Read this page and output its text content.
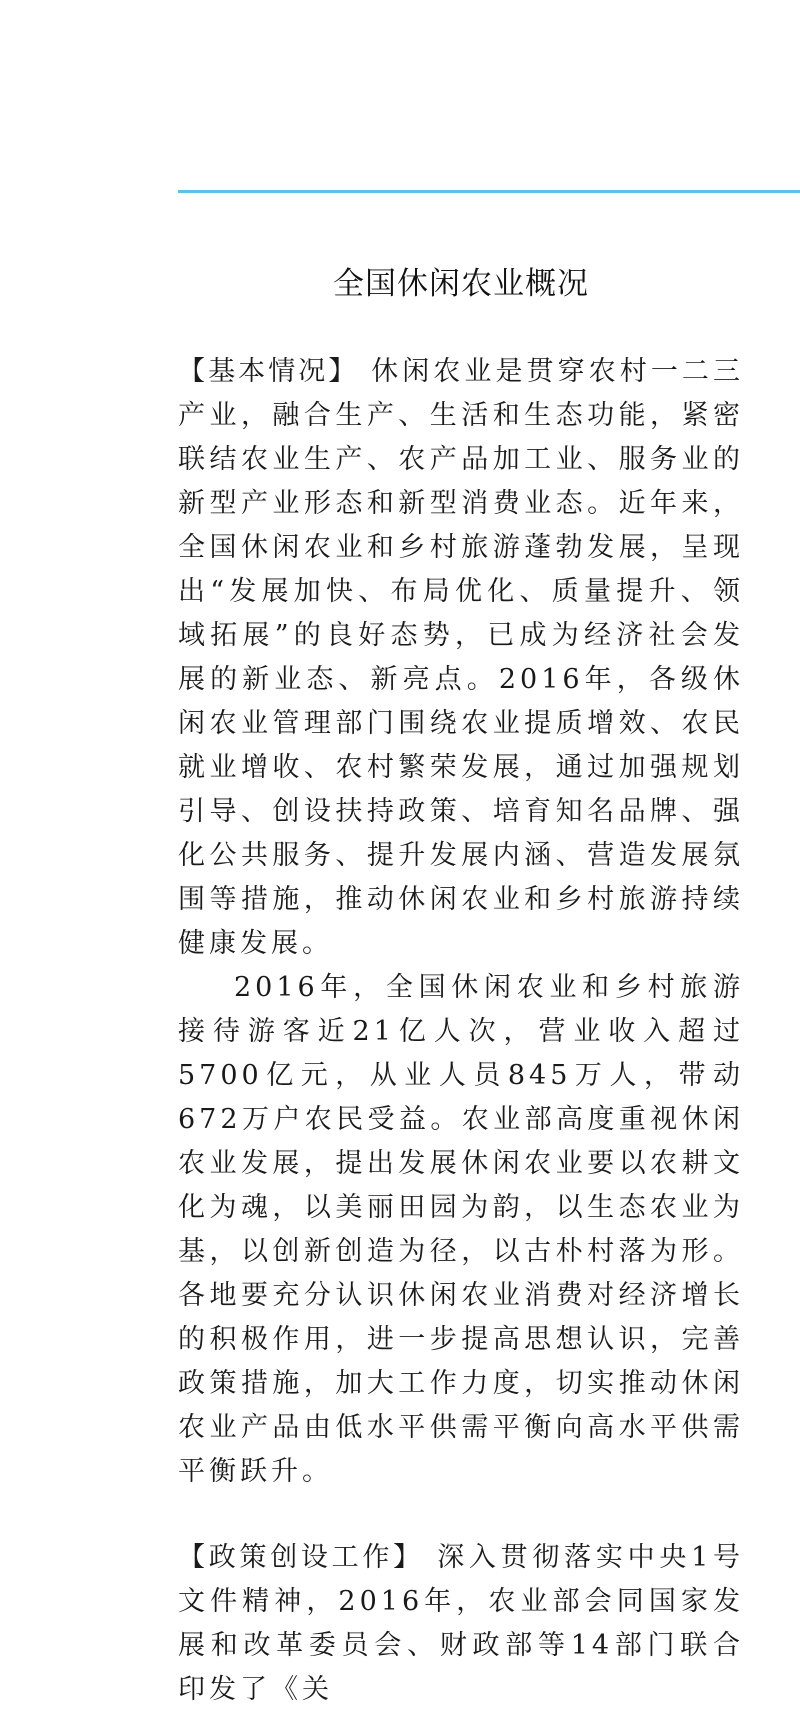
全国休闲农业概况

【基本情况】 休闲农业是贯穿农村一二三产业，融合生产、生活和生态功能，紧密联结农业生产、农产品加工业、服务业的新型产业形态和新型消费业态。近年来，全国休闲农业和乡村旅游蓬勃发展，呈现出“发展加快、布局优化、质量提升、领域拓展”的良好态势，已成为经济社会发展的新业态、新亮点。2016年，各级休闲农业管理部门围绕农业提质增效、农民就业增收、农村繁荣发展，通过加强规划引导、创设扶持政策、培育知名品牌、强化公共服务、提升发展内涵、营造发展氛围等措施，推动休闲农业和乡村旅游持续健康发展。

2016年，全国休闲农业和乡村旅游接待游客近21亿人次，营业收入超过5700亿元，从业人员845万人，带动672万户农民受益。农业部高度重视休闲农业发展，提出发展休闲农业要以农耕文化为魂，以美丽田园为韵，以生态农业为基，以创新创造为径，以古朴村落为形。各地要充分认识休闲农业消费对经济增长的积极作用，进一步提高思想认识，完善政策措施，加大工作力度，切实推动休闲农业产品由低水平供需平衡向高水平供需平衡跃升。

【政策创设工作】 深入贯彻落实中央1号文件精神，2016年，农业部会同国家发展和改革委员会、财政部等14部门联合印发了《关
